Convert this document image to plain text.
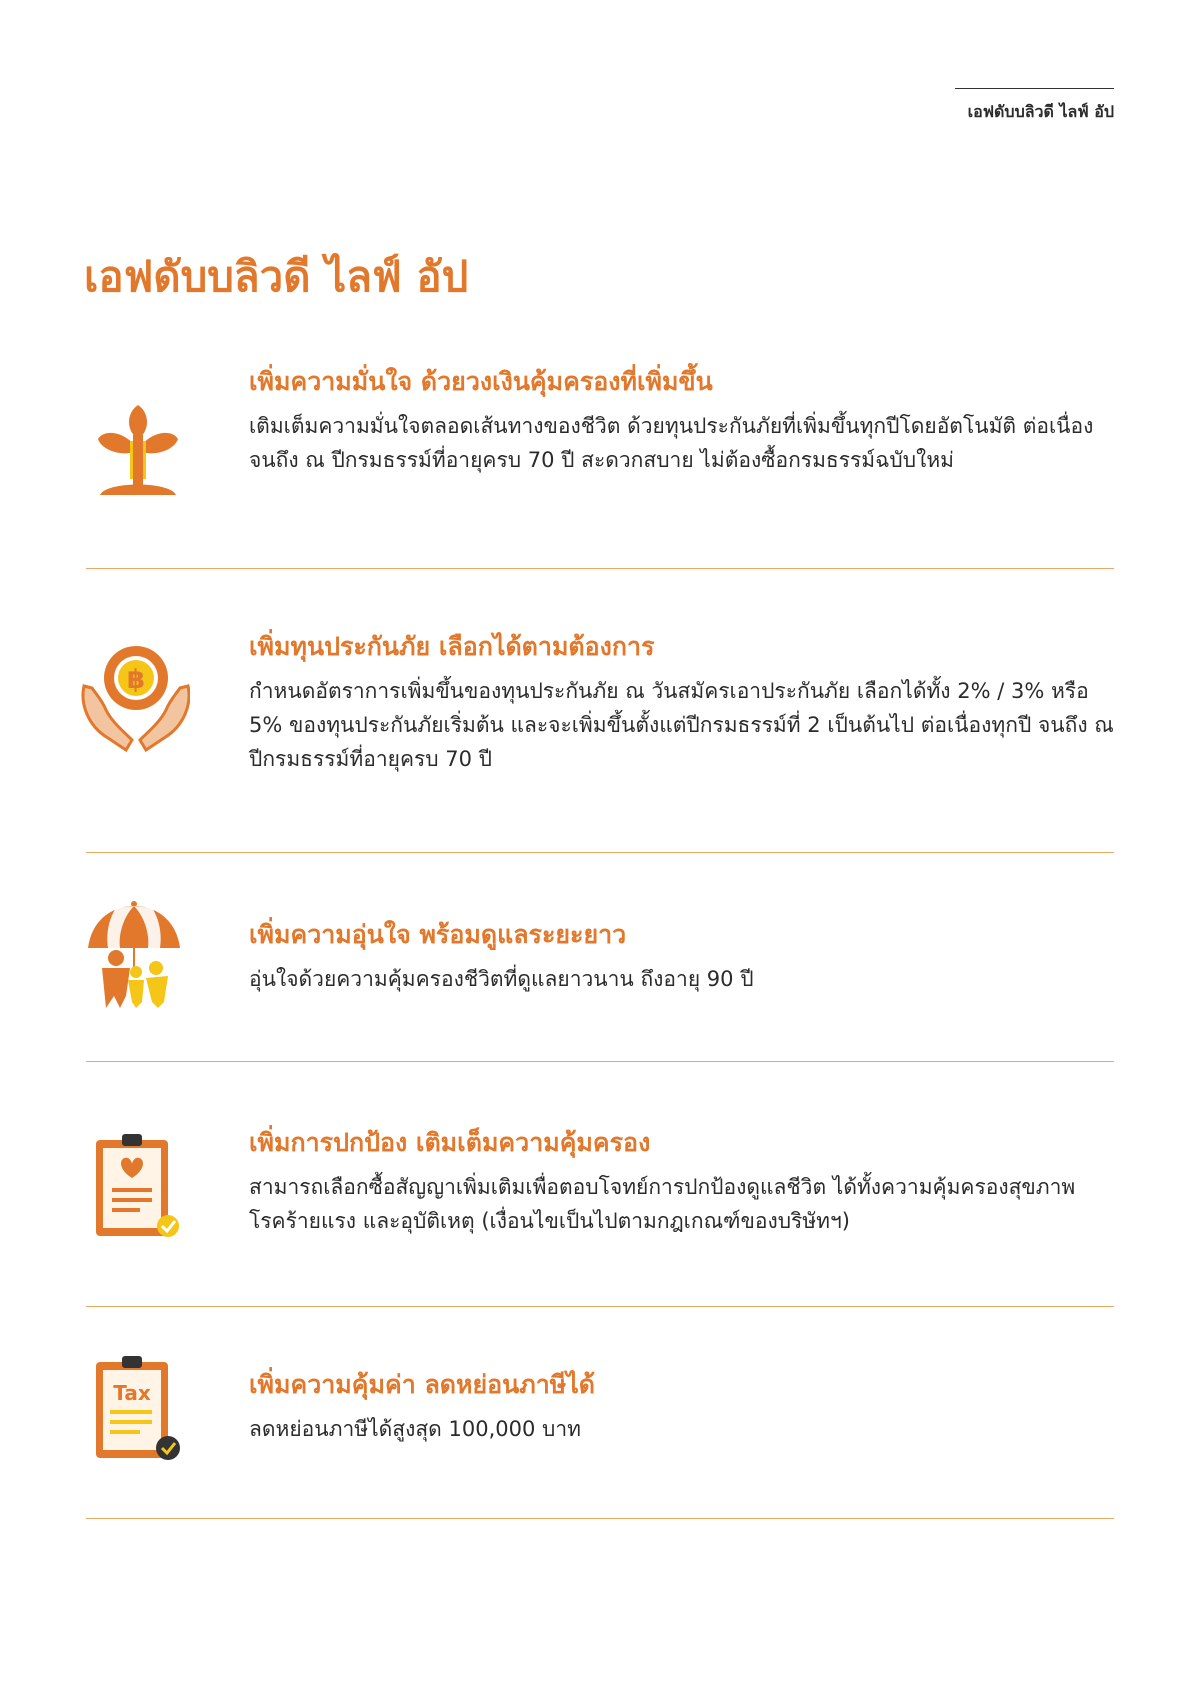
เอฟดับบลิวดี ไลฟ์ อัป
เอฟดับบลิวดี ไลฟ์ อัป
เพิ่มความมั่นใจ ด้วยวงเงินคุ้มครองที่เพิ่มขึ้น

เติมเต็มความมั่นใจตลอดเส้นทางของชีวิต ด้วยทุนประกันภัยที่เพิ่มขึ้นทุกปีโดยอัตโนมัติ ต่อเนื่องจนถึง ณ ปีกรมธรรม์ที่อายุครบ 70 ปี สะดวกสบาย ไม่ต้องซื้อกรมธรรม์ฉบับใหม่

฿
เพิ่มทุนประกันภัย เลือกได้ตามต้องการ

กำหนดอัตราการเพิ่มขึ้นของทุนประกันภัย ณ วันสมัครเอาประกันภัย เลือกได้ทั้ง 2% / 3% หรือ 5% ของทุนประกันภัยเริ่มต้น และจะเพิ่มขึ้นตั้งแต่ปีกรมธรรม์ที่ 2 เป็นต้นไป ต่อเนื่องทุกปี จนถึง ณ ปีกรมธรรม์ที่อายุครบ 70 ปี

เพิ่มความอุ่นใจ พร้อมดูแลระยะยาว

อุ่นใจด้วยความคุ้มครองชีวิตที่ดูแลยาวนาน ถึงอายุ 90 ปี

เพิ่มการปกป้อง เติมเต็มความคุ้มครอง

สามารถเลือกซื้อสัญญาเพิ่มเติมเพื่อตอบโจทย์การปกป้องดูแลชีวิต ได้ทั้งความคุ้มครองสุขภาพ โรคร้ายแรง และอุบัติเหตุ (เงื่อนไขเป็นไปตามกฎเกณฑ์ของบริษัทฯ)

Tax	เพิ่มความคุ้มค่า ลดหย่อนภาษีได้

ลดหย่อนภาษีได้สูงสุด 100,000 บาท
